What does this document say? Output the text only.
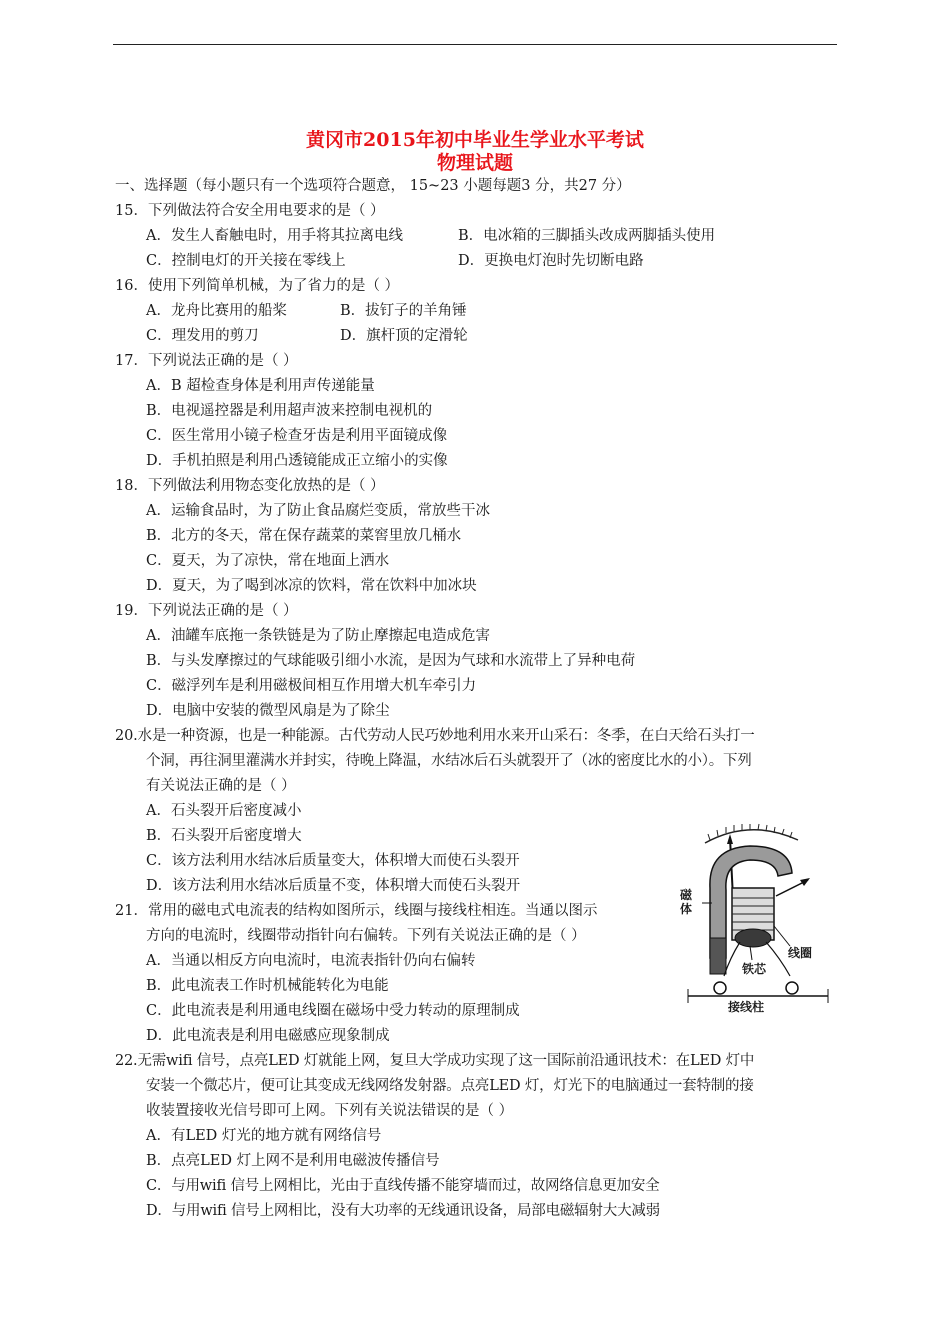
黄冈市2015年初中毕业生学业水平考试
物理试题
一、选择题（每小题只有一个选项符合题意， 15~23 小题每题3 分，共27 分）
15．下列做法符合安全用电要求的是（ ）
A．发生人畜触电时，用手将其拉离电线	B．电冰箱的三脚插头改成两脚插头使用
C．控制电灯的开关接在零线上	D．更换电灯泡时先切断电路
16．使用下列简单机械，为了省力的是（ ）
A．龙舟比赛用的船桨	B．拔钉子的羊角锤
C．理发用的剪刀	D．旗杆顶的定滑轮
17．下列说法正确的是（ ）
A．B 超检查身体是利用声传递能量
B．电视遥控器是利用超声波来控制电视机的
C．医生常用小镜子检查牙齿是利用平面镜成像
D．手机拍照是利用凸透镜能成正立缩小的实像
18．下列做法利用物态变化放热的是（ ）
A．运输食品时，为了防止食品腐烂变质，常放些干冰
B．北方的冬天，常在保存蔬菜的菜窖里放几桶水
C．夏天，为了凉快，常在地面上洒水
D．夏天，为了喝到冰凉的饮料，常在饮料中加冰块
19．下列说法正确的是（ ）
A．油罐车底拖一条铁链是为了防止摩擦起电造成危害
B．与头发摩擦过的气球能吸引细小水流，是因为气球和水流带上了异种电荷
C．磁浮列车是利用磁极间相互作用增大机车牵引力
D．电脑中安装的微型风扇是为了除尘
20.水是一种资源，也是一种能源。古代劳动人民巧妙地利用水来开山采石：冬季，在白天给石头打一
个洞，再往洞里灌满水并封实，待晚上降温，水结冰后石头就裂开了（冰的密度比水的小）。下列
有关说法正确的是（ ）
A．石头裂开后密度减小
B．石头裂开后密度增大
C．该方法利用水结冰后质量变大，体积增大而使石头裂开
D．该方法利用水结冰后质量不变，体积增大而使石头裂开
21．常用的磁电式电流表的结构如图所示，线圈与接线柱相连。当通以图示
方向的电流时，线圈带动指针向右偏转。下列有关说法正确的是（ ）
A．当通以相反方向电流时，电流表指针仍向右偏转
B．此电流表工作时机械能转化为电能
C．此电流表是利用通电线圈在磁场中受力转动的原理制成
D．此电流表是利用电磁感应现象制成
22.无需wifi 信号，点亮LED 灯就能上网，复旦大学成功实现了这一国际前沿通讯技术：在LED 灯中
安装一个微芯片，便可让其变成无线网络发射器。点亮LED 灯，灯光下的电脑通过一套特制的接
收装置接收光信号即可上网。下列有关说法错误的是（ ）
A．有LED 灯光的地方就有网络信号
B．点亮LED 灯上网不是利用电磁波传播信号
C．与用wifi 信号上网相比，光由于直线传播不能穿墙而过，故网络信息更加安全
D．与用wifi 信号上网相比，没有大功率的无线通讯设备，局部电磁辐射大大减弱
磁体
线圈
铁芯
接线柱
